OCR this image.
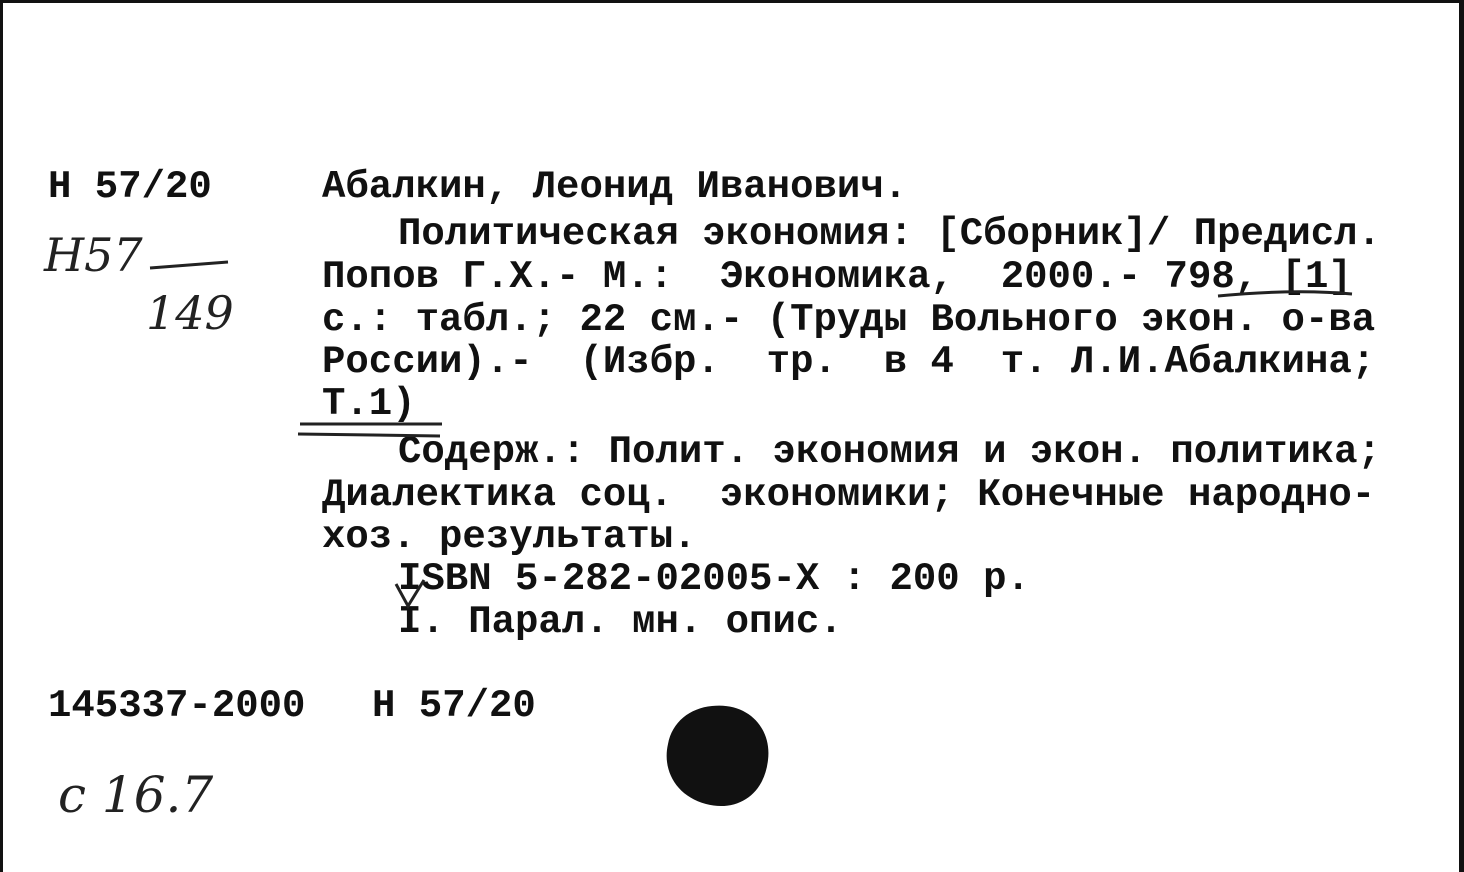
Н 57/20
Н57
149
Абалкин, Леонид Иванович.
Политическая экономия: [Сборник]/ Предисл.
Попов Г.Х.- М.:  Экономика,  2000.- 798, [1]
с.: табл.; 22 см.- (Труды Вольного экон. о-ва
России).-  (Избр.  тр.  в 4  т. Л.И.Абалкина;
Т.1)
Содерж.: Полит. экономия и экон. политика;
Диалектика соц.  экономики; Конечные народно-
хоз. результаты.
ISBN 5-282-02005-Х : 200 р.
I. Парал. мн. опис.
145337-2000 Н 57/20
с 16.7
